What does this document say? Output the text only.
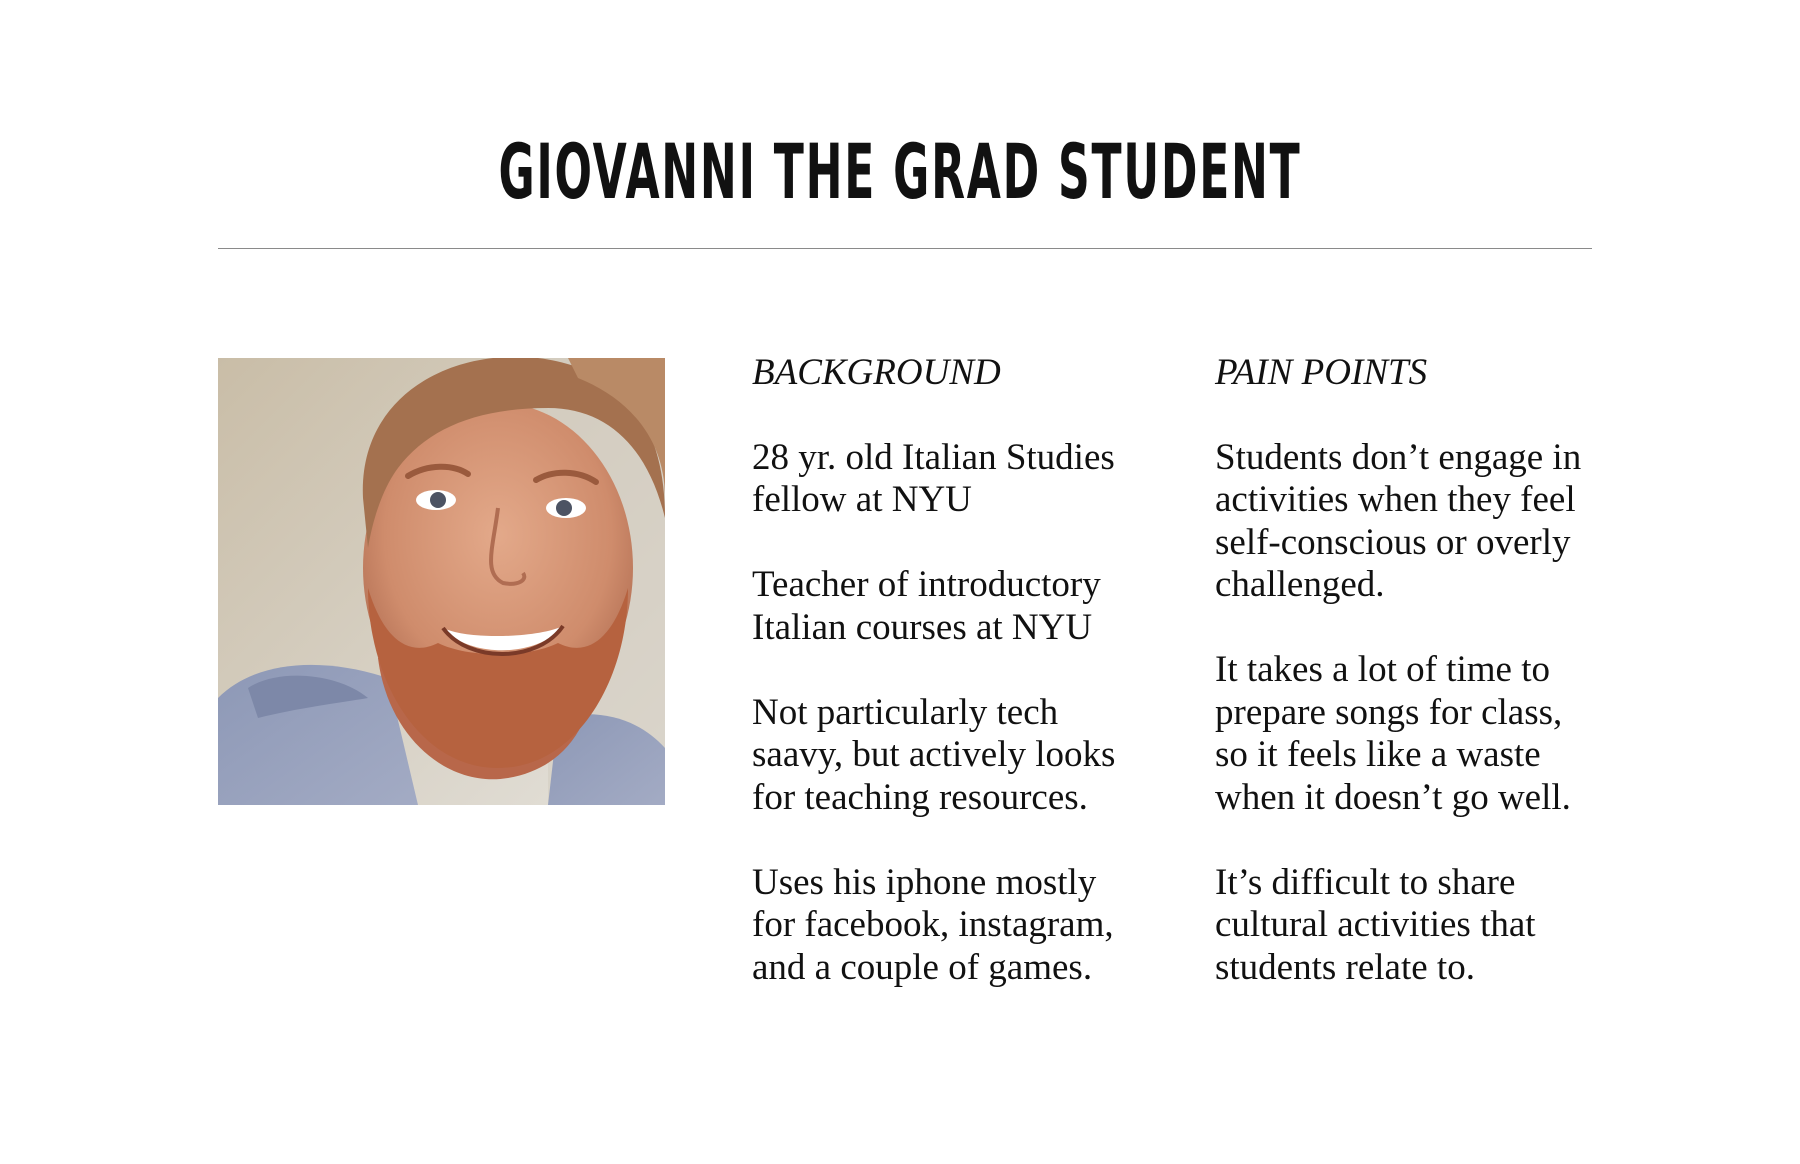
GIOVANNI THE GRAD STUDENT
BACKGROUND
28 yr. old Italian Studies
fellow at NYU
Teacher of introductory
Italian courses at NYU
Not particularly tech
saavy, but actively looks
for teaching resources.
Uses his iphone mostly
for facebook, instagram,
and a couple of games.
PAIN POINTS
Students don’t engage in
activities when they feel
self-conscious or overly
challenged.
It takes a lot of time to
prepare songs for class,
so it feels like a waste
when it doesn’t go well.
It’s difficult to share
cultural activities that
students relate to.
